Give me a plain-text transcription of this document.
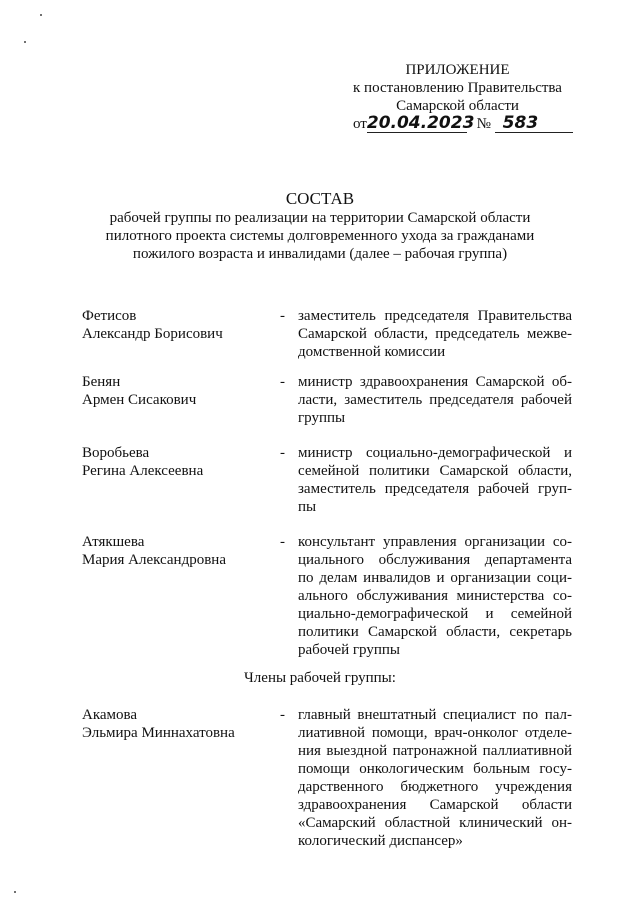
ПРИЛОЖЕНИЕ
к постановлению Правительства
Самарской области
от20.04.2023 № 583
СОСТАВ
рабочей группы по реализации на территории Самарской области
пилотного проекта системы долговременного ухода за гражданами
пожилого возраста и инвалидами (далее – рабочая группа)
Фетисов
Александр Борисович
- заместитель председателя Правительства
Самарской области, председатель межве-
домственной комиссии
Бенян
Армен Сисакович
- министр здравоохранения Самарской об-
ласти, заместитель председателя рабочей
группы
Воробьева
Регина Алексеевна
- министр социально-демографической и
семейной политики Самарской области,
заместитель председателя рабочей груп-
пы
Атякшева
Мария Александровна
- консультант управления организации со-
циального обслуживания департамента
по делам инвалидов и организации соци-
ального обслуживания министерства со-
циально-демографической и семейной
политики Самарской области, секретарь
рабочей группы
Члены рабочей группы:
Акамова
Эльмира Миннахатовна
- главный внештатный специалист по пал-
лиативной помощи, врач-онколог отделе-
ния выездной патронажной паллиативной
помощи онкологическим больным госу-
дарственного бюджетного учреждения
здравоохранения Самарской области
«Самарский областной клинический он-
кологический диспансер»
